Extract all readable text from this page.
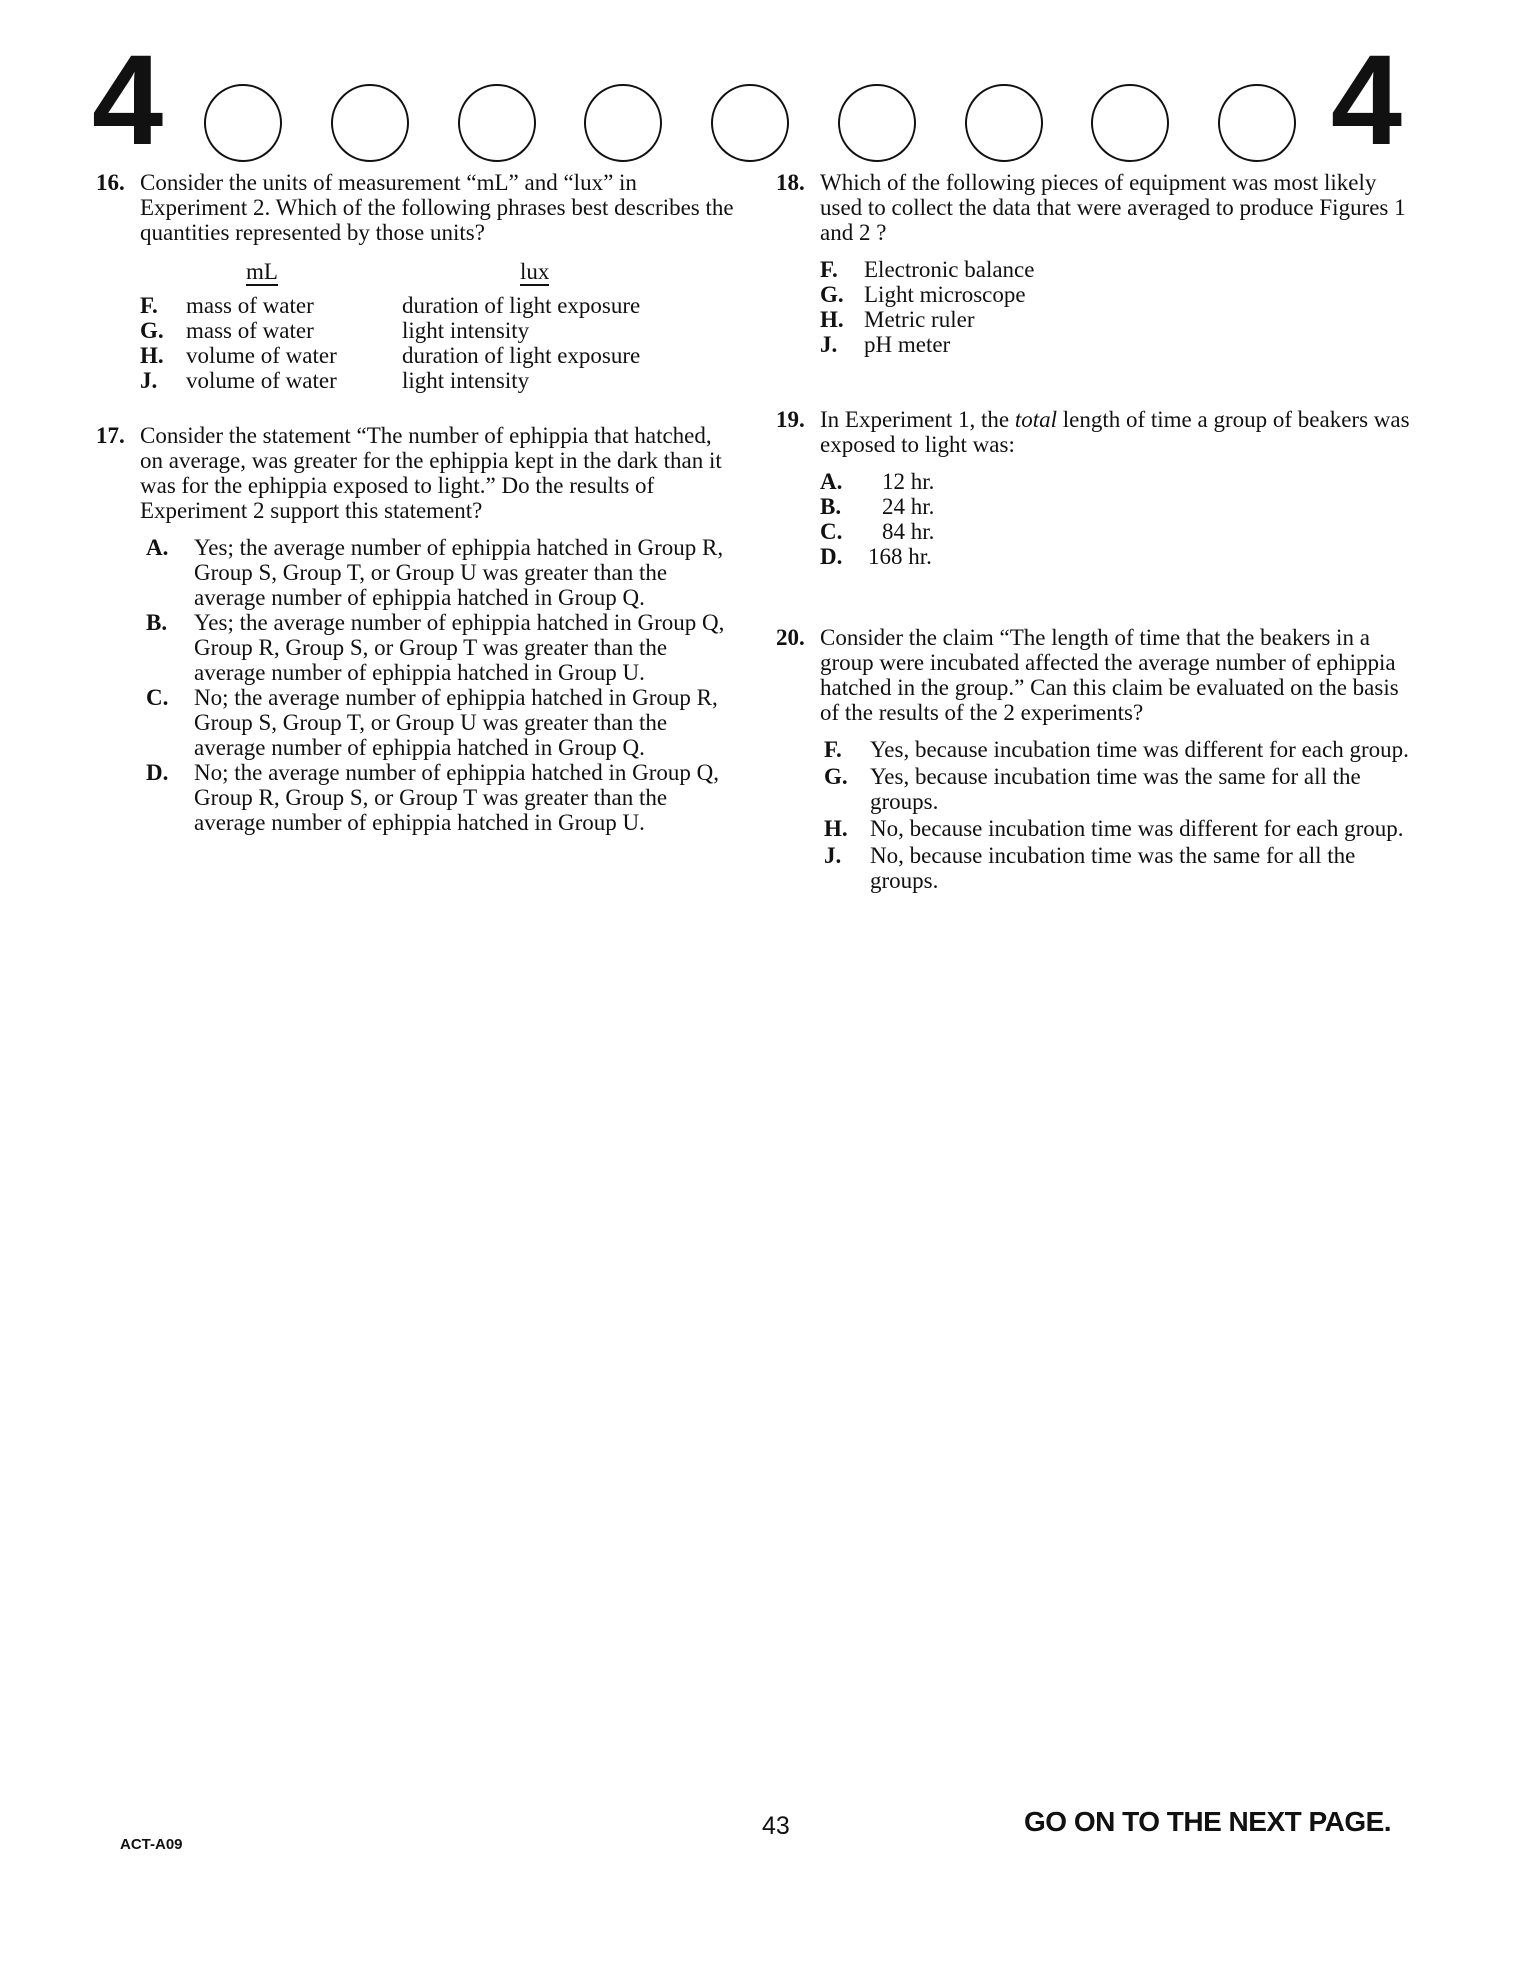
4	4
16. Consider the units of measurement “mL” and “lux” in Experiment 2. Which of the following phrases best describes the quantities represented by those units?

mL	lux
F.	mass of water	duration of light exposure
G. mass of water	light intensity
H. volume of water	duration of light exposure
J.	volume of water	light intensity
17. Consider the statement “The number of ephippia that hatched, on average, was greater for the ephippia kept in the dark than it was for the ephippia exposed to light.” Do the results of Experiment 2 support this statement?

A. Yes; the average number of ephippia hatched in Group R, Group S, Group T, or Group U was greater than the average number of ephippia hatched in Group Q.
B. Yes; the average number of ephippia hatched in Group Q, Group R, Group S, or Group T was greater than the average number of ephippia hatched in Group U.
C. No; the average number of ephippia hatched in Group R, Group S, Group T, or Group U was greater than the average number of ephippia hatched in Group Q.
D. No; the average number of ephippia hatched in Group Q, Group R, Group S, or Group T was greater than the average number of ephippia hatched in Group U.
18. Which of the following pieces of equipment was most likely used to collect the data that were averaged to produce Figures 1 and 2 ?

F. Electronic balance
G. Light microscope
H. Metric ruler
J. pH meter
19. In Experiment 1, the total length of time a group of beakers was exposed to light was:

A. 12 hr.
B. 24 hr.
C. 84 hr.
D. 168 hr.
20. Consider the claim “The length of time that the beakers in a group were incubated affected the average number of ephippia hatched in the group.” Can this claim be evaluated on the basis of the results of the 2 experiments?

F. Yes, because incubation time was different for each group.
G. Yes, because incubation time was the same for all the groups.
H. No, because incubation time was different for each group.
J. No, because incubation time was the same for all the groups.
ACT-A09
43	GO ON TO THE NEXT PAGE.
